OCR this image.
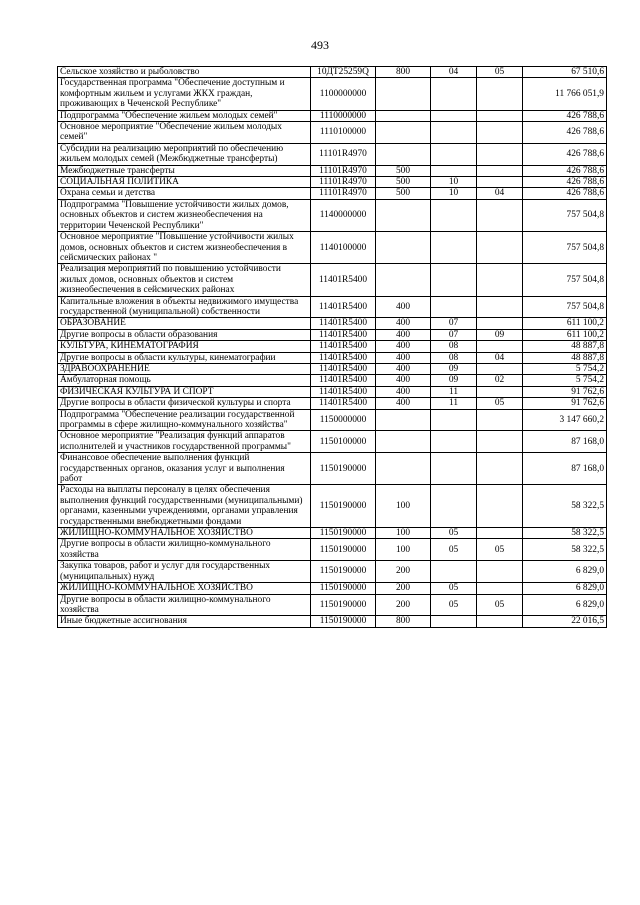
493
Сельское хозяйство и рыболовство	10ДТ25259Q	800	04	05	67 510,6
Государственная программа "Обеспечение доступным и комфортным жильем и услугами ЖКХ граждан, проживающих в Чеченской Республике"	1100000000				11 766 051,9
Подпрограмма "Обеспечение жильем молодых семей"	1110000000				426 788,6
Основное мероприятие "Обеспечение жильем молодых семей"	1110100000				426 788,6
Субсидии на реализацию мероприятий по обеспечению жильем молодых семей (Межбюджетные трансферты)	11101R4970				426 788,6
Межбюджетные трансферты	11101R4970	500			426 788,6
СОЦИАЛЬНАЯ ПОЛИТИКА	11101R4970	500	10		426 788,6
Охрана семьи и детства	11101R4970	500	10	04	426 788,6
Подпрограмма "Повышение устойчивости жилых домов, основных объектов и систем жизнеобеспечения на территории Чеченской Республики"	1140000000				757 504,8
Основное мероприятие "Повышение устойчивости жилых домов, основных объектов и систем жизнеобеспечения в сейсмических районах "	1140100000				757 504,8
Реализация мероприятий по повышению устойчивости жилых домов, основных объектов и систем жизнеобеспечения в сейсмических районах	11401R5400				757 504,8
Капитальные вложения в объекты недвижимого имущества государственной (муниципальной) собственности	11401R5400	400			757 504,8
ОБРАЗОВАНИЕ	11401R5400	400	07		611 100,2
Другие вопросы в области образования	11401R5400	400	07	09	611 100,2
КУЛЬТУРА, КИНЕМАТОГРАФИЯ	11401R5400	400	08		48 887,8
Другие вопросы в области культуры, кинематографии	11401R5400	400	08	04	48 887,8
ЗДРАВООХРАНЕНИЕ	11401R5400	400	09		5 754,2
Амбулаторная помощь	11401R5400	400	09	02	5 754,2
ФИЗИЧЕСКАЯ КУЛЬТУРА И СПОРТ	11401R5400	400	11		91 762,6
Другие вопросы в области физической культуры и спорта	11401R5400	400	11	05	91 762,6
Подпрограмма "Обеспечение реализации государственной программы в сфере жилищно-коммунального хозяйства"	1150000000				3 147 660,2
Основное мероприятие "Реализация функций аппаратов исполнителей и участников государственной программы"	1150100000				87 168,0
Финансовое обеспечение выполнения функций государственных органов, оказания услуг и выполнения работ	1150190000				87 168,0
Расходы на выплаты персоналу в целях обеспечения выполнения функций государственными (муниципальными) органами, казенными учреждениями, органами управления государственными внебюджетными фондами	1150190000	100			58 322,5
ЖИЛИЩНО-КОММУНАЛЬНОЕ ХОЗЯЙСТВО	1150190000	100	05		58 322,5
Другие вопросы в области жилищно-коммунального хозяйства	1150190000	100	05	05	58 322,5
Закупка товаров, работ и услуг для государственных (муниципальных) нужд	1150190000	200			6 829,0
ЖИЛИЩНО-КОММУНАЛЬНОЕ ХОЗЯЙСТВО	1150190000	200	05		6 829,0
Другие вопросы в области жилищно-коммунального хозяйства	1150190000	200	05	05	6 829,0
Иные бюджетные ассигнования	1150190000	800			22 016,5
